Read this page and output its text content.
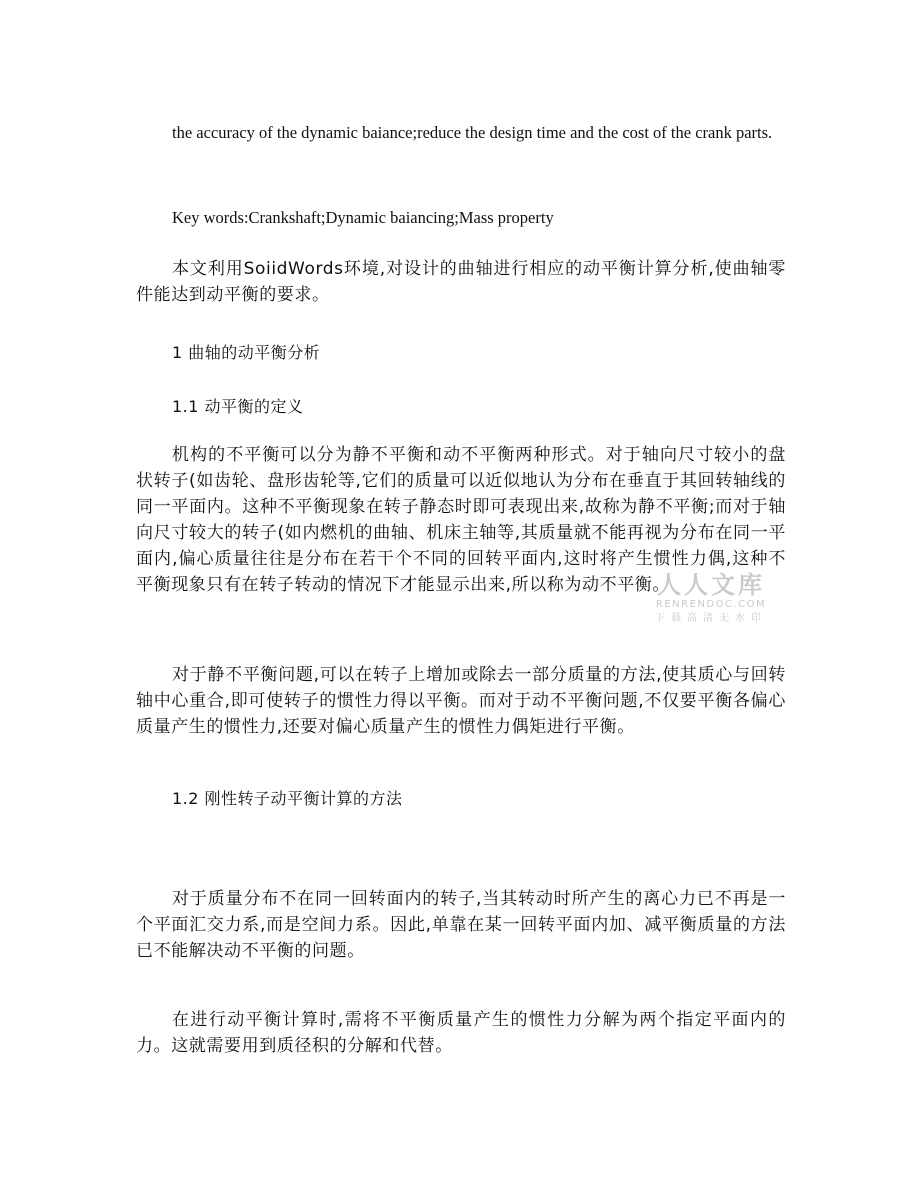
the accuracy of the dynamic baiance;reduce the design time and the cost of the crank parts.

Key words:Crankshaft;Dynamic baiancing;Mass property

本文利用SoiidWords环境,对设计的曲轴进行相应的动平衡计算分析,使曲轴零件能达到动平衡的要求。

1 曲轴的动平衡分析

1.1 动平衡的定义

机构的不平衡可以分为静不平衡和动不平衡两种形式。对于轴向尺寸较小的盘状转子(如齿轮、盘形齿轮等,它们的质量可以近似地认为分布在垂直于其回转轴线的同一平面内。这种不平衡现象在转子静态时即可表现出来,故称为静不平衡;而对于轴向尺寸较大的转子(如内燃机的曲轴、机床主轴等,其质量就不能再视为分布在同一平面内,偏心质量往往是分布在若干个不同的回转平面内,这时将产生惯性力偶,这种不平衡现象只有在转子转动的情况下才能显示出来,所以称为动不平衡。

对于静不平衡问题,可以在转子上增加或除去一部分质量的方法,使其质心与回转轴中心重合,即可使转子的惯性力得以平衡。而对于动不平衡问题,不仅要平衡各偏心质量产生的惯性力,还要对偏心质量产生的惯性力偶矩进行平衡。

1.2 刚性转子动平衡计算的方法

对于质量分布不在同一回转面内的转子,当其转动时所产生的离心力已不再是一个平面汇交力系,而是空间力系。因此,单靠在某一回转平面内加、减平衡质量的方法已不能解决动不平衡的问题。

在进行动平衡计算时,需将不平衡质量产生的惯性力分解为两个指定平面内的力。这就需要用到质径积的分解和代替。

人人文库
RENRENDOC.COM
下载高清无水印
